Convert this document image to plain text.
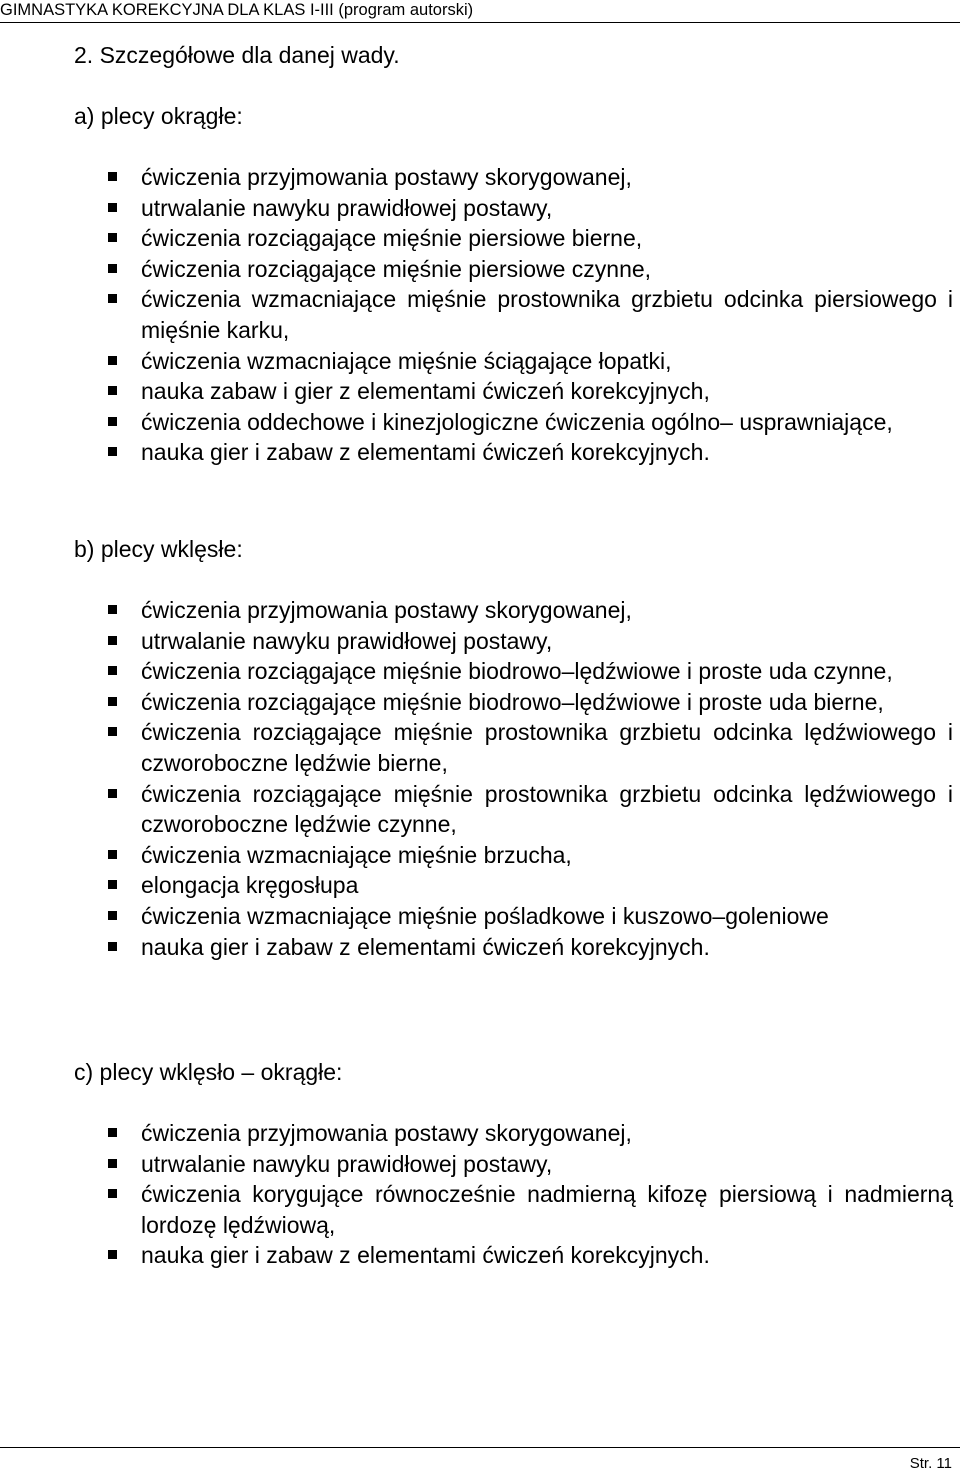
GIMNASTYKA KOREKCYJNA DLA KLAS I-III (program autorski)
2. Szczegółowe dla danej wady.
a) plecy okrągłe:
ćwiczenia przyjmowania postawy skorygowanej,
utrwalanie nawyku prawidłowej postawy,
ćwiczenia rozciągające mięśnie piersiowe bierne,
ćwiczenia rozciągające mięśnie piersiowe czynne,
ćwiczenia wzmacniające mięśnie prostownika grzbietu odcinka piersiowego i mięśnie karku,
ćwiczenia wzmacniające mięśnie ściągające łopatki,
nauka zabaw i gier z elementami ćwiczeń korekcyjnych,
ćwiczenia oddechowe i kinezjologiczne ćwiczenia ogólno– usprawniające,
nauka gier i zabaw z elementami ćwiczeń korekcyjnych.
b) plecy wklęsłe:
ćwiczenia przyjmowania postawy skorygowanej,
utrwalanie nawyku prawidłowej postawy,
ćwiczenia rozciągające mięśnie biodrowo–lędźwiowe i proste uda czynne,
ćwiczenia rozciągające mięśnie biodrowo–lędźwiowe i proste uda bierne,
ćwiczenia rozciągające mięśnie prostownika grzbietu odcinka lędźwiowego i czworoboczne lędźwie bierne,
ćwiczenia rozciągające mięśnie prostownika grzbietu odcinka lędźwiowego i czworoboczne lędźwie czynne,
ćwiczenia wzmacniające mięśnie brzucha,
elongacja kręgosłupa
ćwiczenia wzmacniające mięśnie pośladkowe i kuszowo–goleniowe
nauka gier i zabaw z elementami ćwiczeń korekcyjnych.
c) plecy wklęsło – okrągłe:
ćwiczenia przyjmowania postawy skorygowanej,
utrwalanie nawyku prawidłowej postawy,
ćwiczenia korygujące równocześnie nadmierną kifozę piersiową i nadmierną lordozę lędźwiową,
nauka gier i zabaw z elementami ćwiczeń korekcyjnych.
Str. 11
